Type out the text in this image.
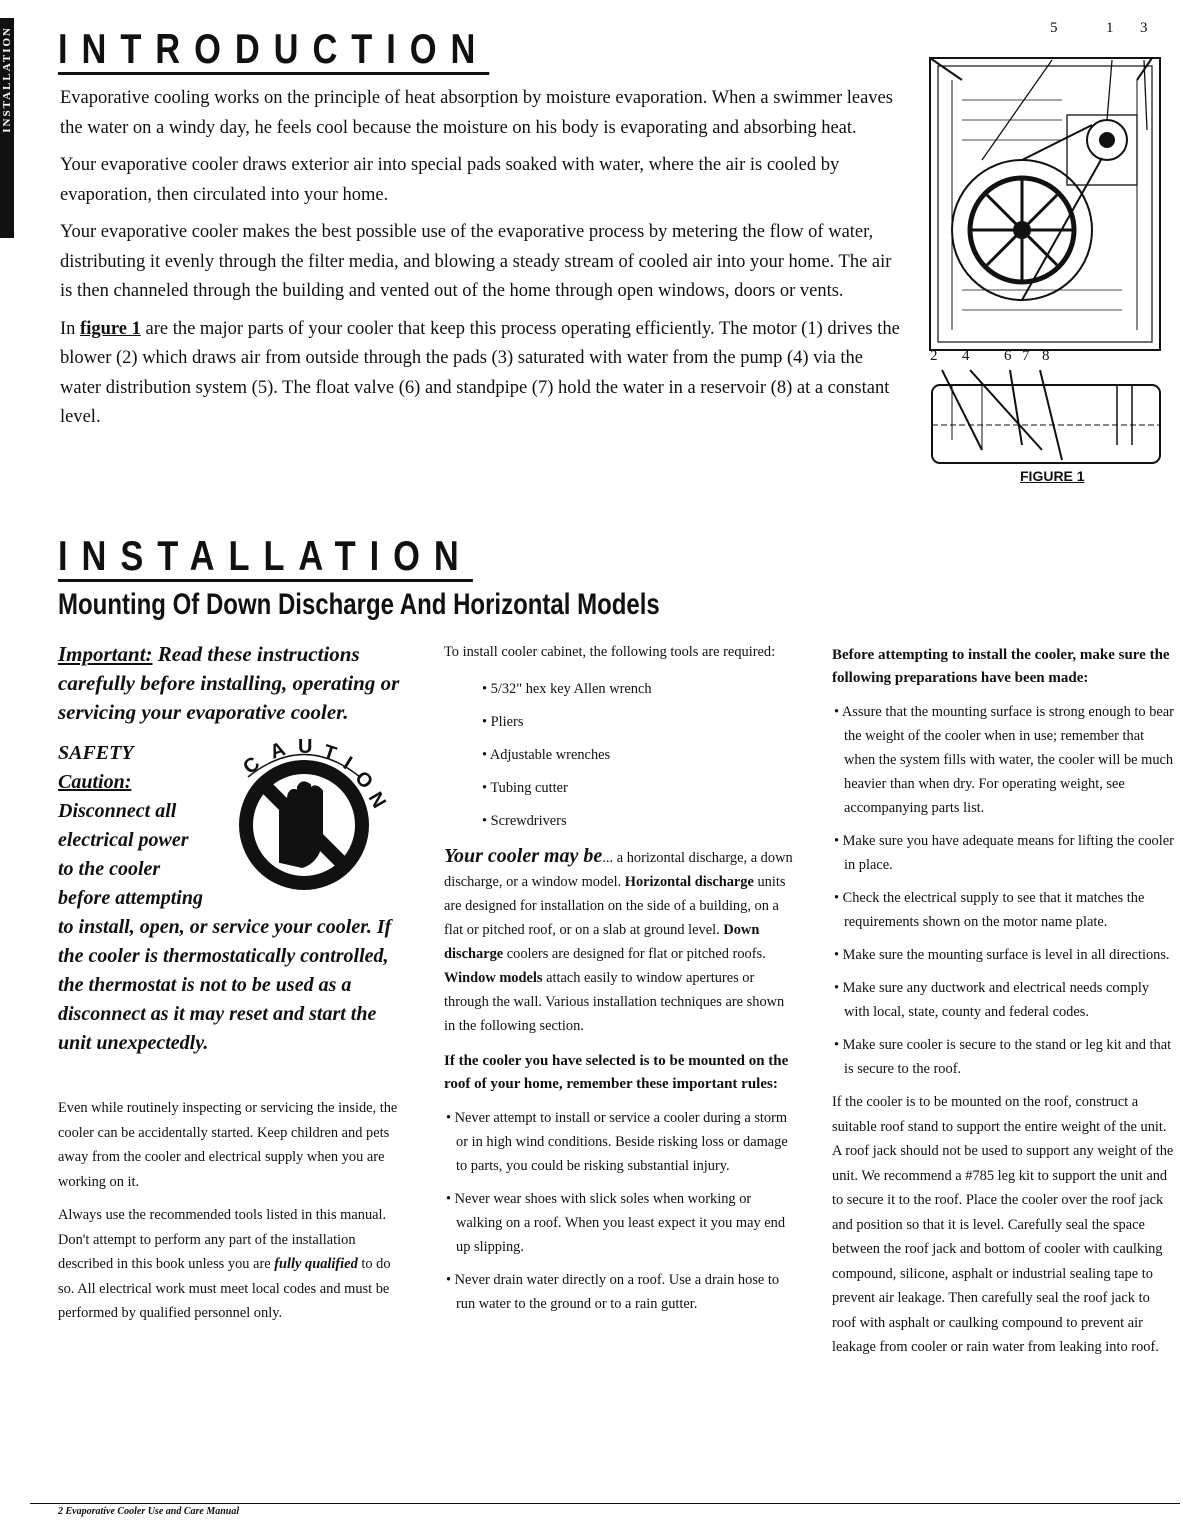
INSTALLATION INTRODUCTION

Evaporative cooling works on the principle of heat absorption by moisture evaporation. When a swimmer leaves the water on a windy day, he feels cool because the moisture on his body is evaporating and absorbing heat.

Your evaporative cooler draws exterior air into special pads soaked with water, where the air is cooled by evaporation, then circulated into your home.

Your evaporative cooler makes the best possible use of the evaporative process by metering the flow of water, distributing it evenly through the filter media, and blowing a steady stream of cooled air into your home. The air is then channeled through the building and vented out of the home through open windows, doors or vents.

In figure 1 are the major parts of your cooler that keep this process operating efficiently. The motor (1) drives the blower (2) which draws air from outside through the pads (3) saturated with water from the pump (4) via the water distribution system (5). The float valve (6) and standpipe (7) hold the water in a reservoir (8) at a constant level.

5	1 3
2 4 6 7 8
FIGURE 1
INSTALLATION
Mounting Of Down Discharge And Horizontal Models

Important: Read these instructions carefully before installing, operating or servicing your evaporative cooler.

C
A U T I
O
N

SAFETY

Caution:

Disconnect all

electrical power

to the cooler

before attempting

to install, open, or service your cooler. If the cooler is thermostatically controlled, the thermostat is not to be used as a disconnect as it may reset and start the unit unexpectedly.

Even while routinely inspecting or servicing the inside, the cooler can be accidentally started. Keep children and pets away from the cooler and electrical supply when you are working on it.

Always use the recommended tools listed in this manual. Don't attempt to perform any part of the installation described in this book unless you are fully qualified to do so. All electrical work must meet local codes and must be performed by qualified personnel only.

To install cooler cabinet, the following tools are required:

• 5/32" hex key Allen wrench
• Pliers
• Adjustable wrenches
• Tubing cutter
• Screwdrivers

Your cooler may be... a horizontal discharge, a down discharge, or a window model. Horizontal discharge units are designed for installation on the side of a building, on a flat or pitched roof, or on a slab at ground level. Down discharge coolers are designed for flat or pitched roofs. Window models attach easily to window apertures or through the wall. Various installation techniques are shown in the following section.

If the cooler you have selected is to be mounted on the roof of your home, remember these important rules:

• Never attempt to install or service a cooler during a storm or in high wind conditions. Beside risking loss or damage to parts, you could be risking substantial injury.
• Never wear shoes with slick soles when working or walking on a roof. When you least expect it you may end up slipping.
• Never drain water directly on a roof. Use a drain hose to run water to the ground or to a rain gutter.

Before attempting to install the cooler, make sure the following preparations have been made:

• Assure that the mounting surface is strong enough to bear the weight of the cooler when in use; remember that when the system fills with water, the cooler will be much heavier than when dry. For operating weight, see accompanying parts list.
• Make sure you have adequate means for lifting the cooler in place.
• Check the electrical supply to see that it matches the requirements shown on the motor name plate.
• Make sure the mounting surface is level in all directions.
• Make sure any ductwork and electrical needs comply with local, state, county and federal codes.
• Make sure cooler is secure to the stand or leg kit and that is secure to the roof.

If the cooler is to be mounted on the roof, construct a suitable roof stand to support the entire weight of the unit. A roof jack should not be used to support any weight of the unit. We recommend a #785 leg kit to support the unit and to secure it to the roof. Place the cooler over the roof jack and position so that it is level. Carefully seal the space between the roof jack and bottom of cooler with caulking compound, silicone, asphalt or industrial sealing tape to prevent air leakage. Then carefully seal the roof jack to roof with asphalt or caulking compound to prevent air leakage from cooler or rain water from leaking into roof.

2 Evaporative Cooler Use and Care Manual
